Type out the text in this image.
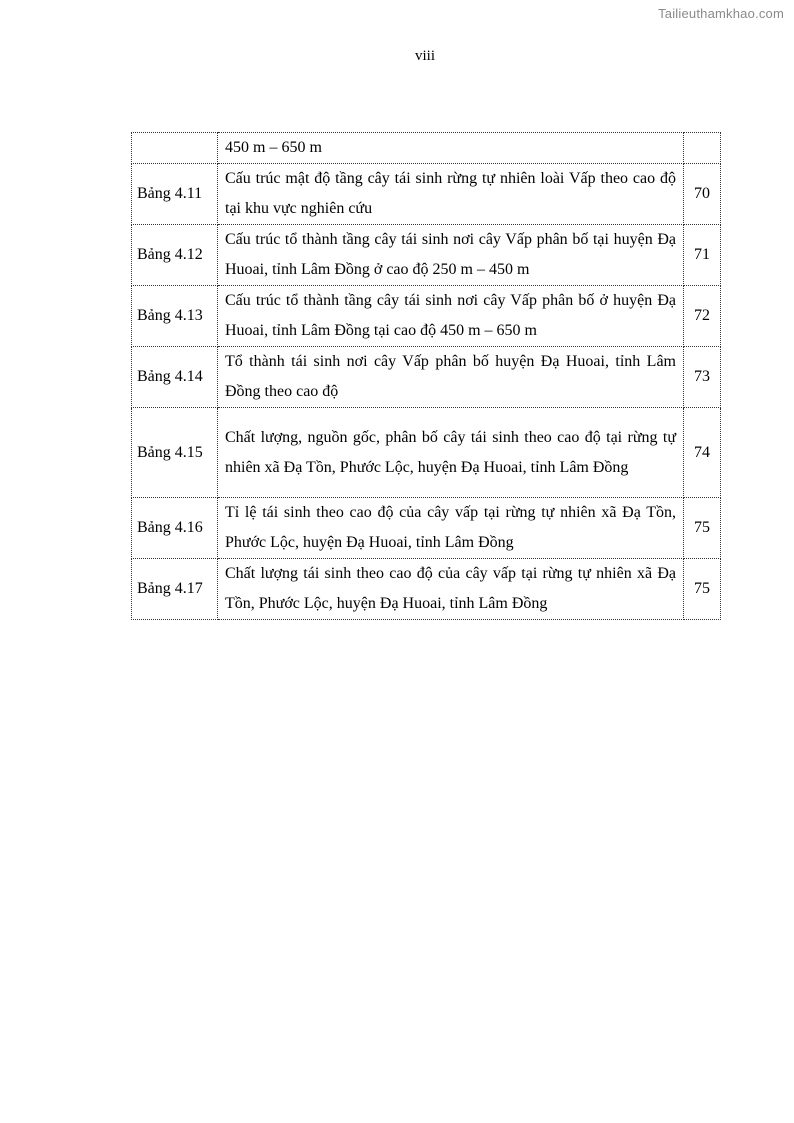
Tailieuthamkhao.com
viii
	450 m – 650 m	
Bảng 4.11	Cấu trúc mật độ tầng cây tái sinh rừng tự nhiên loài Vấp theo cao độ tại khu vực nghiên cứu	70
Bảng 4.12	Cấu trúc tổ thành tầng cây tái sinh nơi cây Vấp phân bố tại huyện Đạ Huoai, tỉnh Lâm Đồng ở cao độ 250 m – 450 m	71
Bảng 4.13	Cấu trúc tổ thành tầng cây tái sinh nơi cây Vấp phân bố ở huyện Đạ Huoai, tỉnh Lâm Đồng tại cao độ 450 m – 650 m	72
Bảng 4.14	Tổ thành tái sinh nơi cây Vấp phân bố huyện Đạ Huoai, tỉnh Lâm Đồng theo cao độ	73
Bảng 4.15	Chất lượng, nguồn gốc, phân bố cây tái sinh theo cao độ tại rừng tự nhiên xã Đạ Tồn, Phước Lộc, huyện Đạ Huoai, tỉnh Lâm Đồng	74
Bảng 4.16	Tỉ lệ tái sinh theo cao độ của cây vấp tại rừng tự nhiên xã Đạ Tồn, Phước Lộc, huyện Đạ Huoai, tỉnh Lâm Đồng	75
Bảng 4.17	Chất lượng tái sinh theo cao độ của cây vấp tại rừng tự nhiên xã Đạ Tồn, Phước Lộc, huyện Đạ Huoai, tỉnh Lâm Đồng	75
